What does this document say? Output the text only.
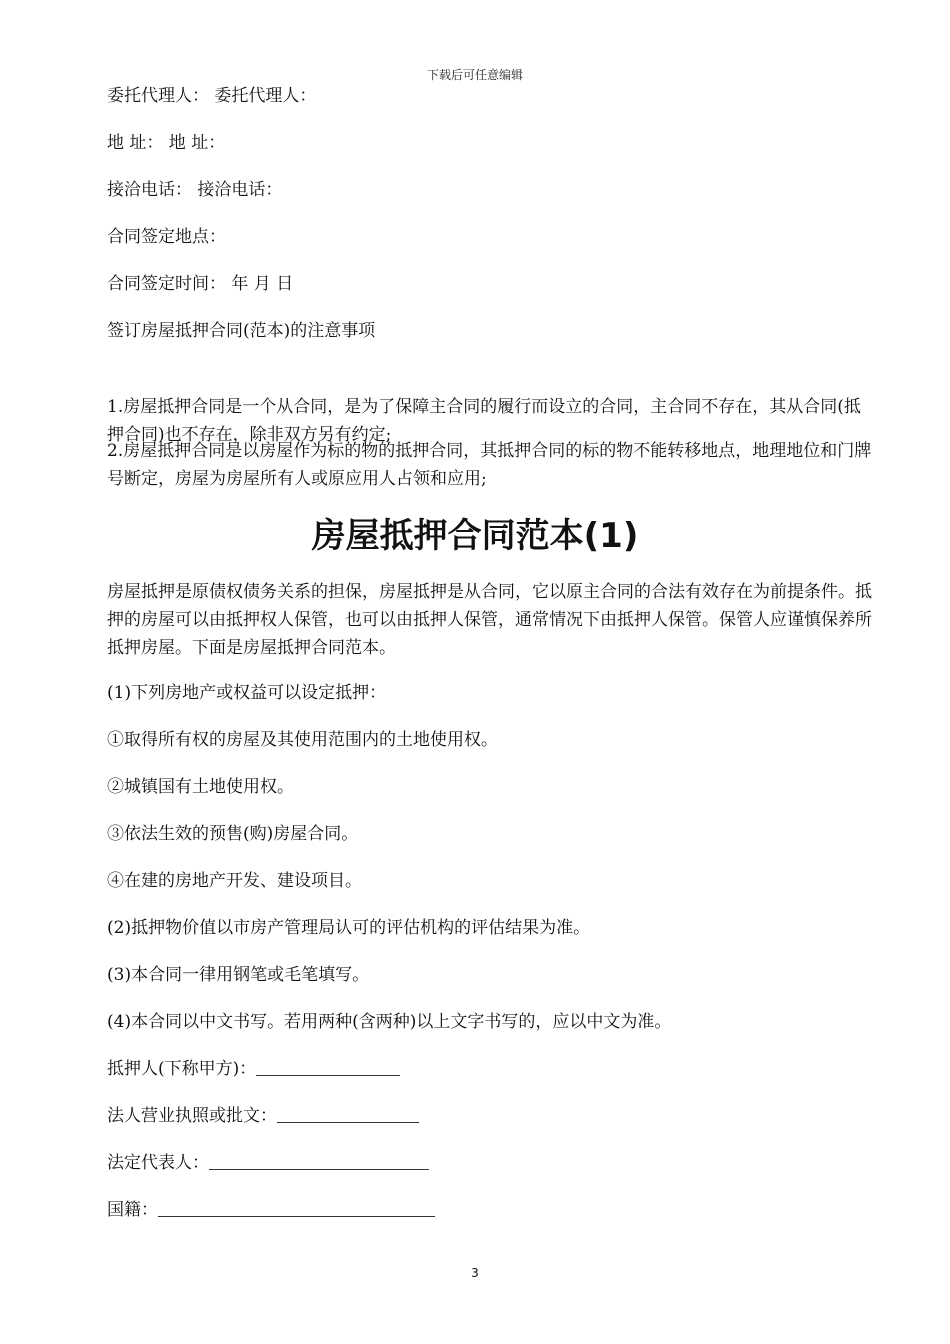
下载后可任意编辑
委托代理人： 委托代理人：
地 址： 地 址：
接洽电话： 接洽电话：
合同签定地点：
合同签定时间： 年 月 日
签订房屋抵押合同(范本)的注意事项
1.房屋抵押合同是一个从合同，是为了保障主合同的履行而设立的合同，主合同不存在，其从合同(抵押合同)也不存在，除非双方另有约定;
2.房屋抵押合同是以房屋作为标的物的抵押合同，其抵押合同的标的物不能转移地点，地理地位和门牌号断定，房屋为房屋所有人或原应用人占领和应用;
房屋抵押合同范本(1)
房屋抵押是原债权债务关系的担保，房屋抵押是从合同，它以原主合同的合法有效存在为前提条件。抵押的房屋可以由抵押权人保管，也可以由抵押人保管，通常情况下由抵押人保管。保管人应谨慎保养所抵押房屋。下面是房屋抵押合同范本。
(1)下列房地产或权益可以设定抵押：
①取得所有权的房屋及其使用范围内的土地使用权。
②城镇国有土地使用权。
③依法生效的预售(购)房屋合同。
④在建的房地产开发、建设项目。
(2)抵押物价值以市房产管理局认可的评估机构的评估结果为准。
(3)本合同一律用钢笔或毛笔填写。
(4)本合同以中文书写。若用两种(含两种)以上文字书写的，应以中文为准。
抵押人(下称甲方)：
法人营业执照或批文：
法定代表人：
国籍：
3
